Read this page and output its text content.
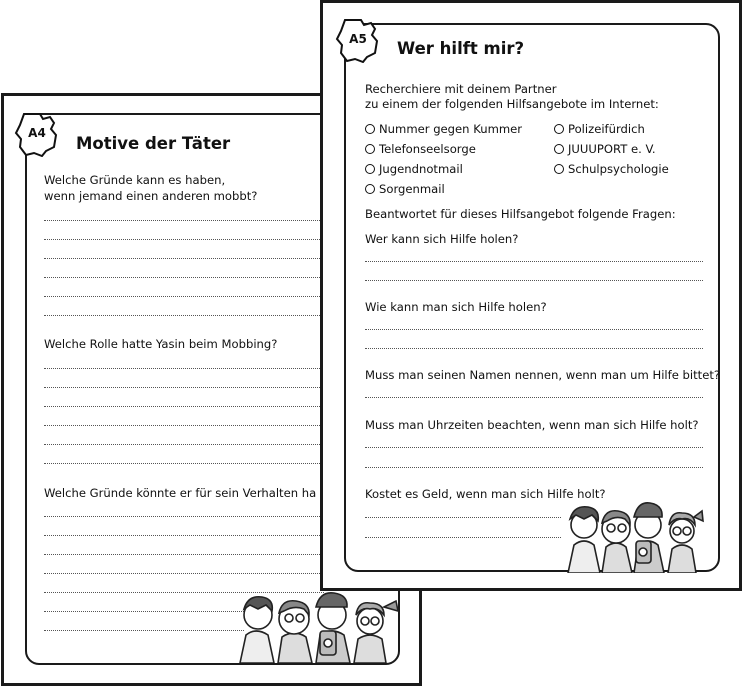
A4
Motive der Täter
Welche Gründe kann es haben,
wenn jemand einen anderen mobbt?
Welche Rolle hatte Yasin beim Mobbing?
Welche Gründe könnte er für sein Verhalten ha
A5	Wer hilft mir?
Recherchiere mit deinem Partner
zu einem der folgenden Hilfsangebote im Internet:
Nummer gegen Kummer	Polizeifürdich
Telefonseelsorge	JUUUPORT e. V.
Jugendnotmail	Schulpsychologie
Sorgenmail
Beantwortet für dieses Hilfsangebot folgende Fragen:
Wer kann sich Hilfe holen?
Wie kann man sich Hilfe holen?
Muss man seinen Namen nennen, wenn man um Hilfe bittet?
Muss man Uhrzeiten beachten, wenn man sich Hilfe holt?
Kostet es Geld, wenn man sich Hilfe holt?
